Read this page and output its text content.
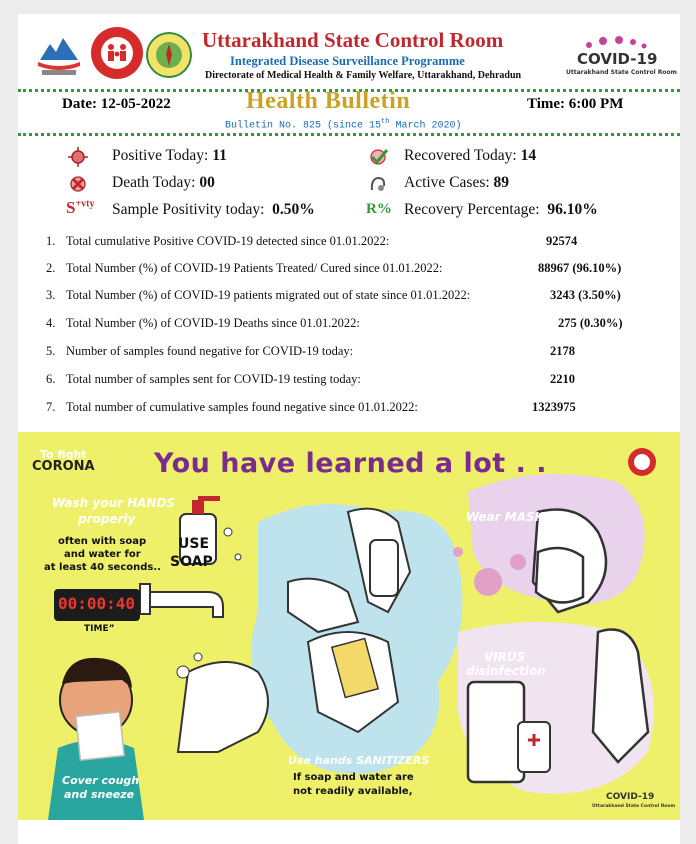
Uttarakhand State Control Room
Integrated Disease Surveillance Programme
Directorate of Medical Health & Family Welfare, Uttarakhand, Dehradun
COVID-19
Uttarakhand State Control Room
Date: 12-05-2022	Health Bulletin	Time: 6:00 PM
Bulletin No. 825 (since 15th March 2020)
Positive Today: 11	Recovered Today: 14
Death Today: 00	Active Cases: 89
$S^{+vty}$ Sample Positivity today: 0.50%	R% Recovery Percentage: 96.10%
1. Total cumulative Positive COVID-19 detected since 01.01.2022:	92574
2. Total Number (%) of COVID-19 Patients Treated/ Cured since 01.01.2022:	88967 (96.10%)
3. Total Number (%) of COVID-19 patients migrated out of state since 01.01.2022:	3243 (3.50%)
4. Total Number (%) of COVID-19 Deaths since 01.01.2022:	275 (0.30%)
5. Number of samples found negative for COVID-19 today:	2178
6. Total number of samples sent for COVID-19 testing today:	2210
7. Total number of cumulative samples found negative since 01.01.2022:	1323975
To fight
CORONA You have learned a lot . .
Wash your HANDS
properly
often with soap
and water for
at least 40 seconds..
USE
SOAP
00:00:40
TIME”
Wear MASK
VIRUS
disinfection
Use hands SANITIZERS
If soap and water are
not readily available,
Cover cough
and sneeze	COVID-19
Uttarakhand State Control Room
